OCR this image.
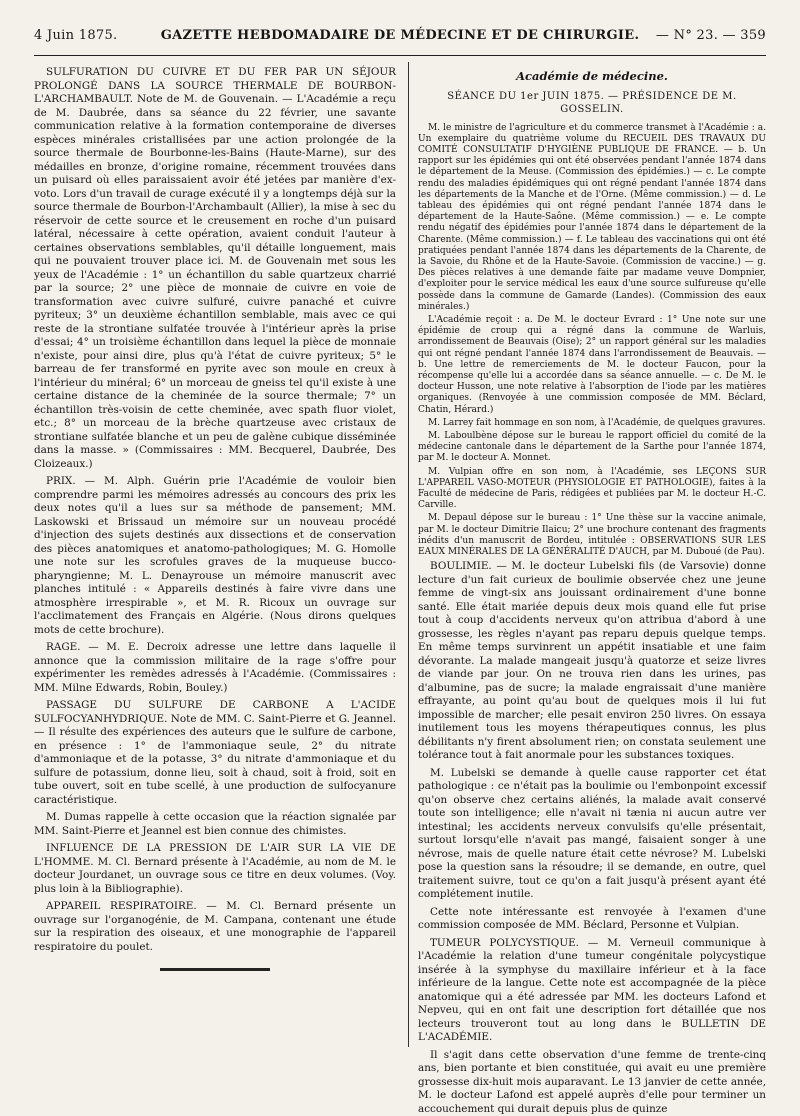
4 Juin 1875.	GAZETTE HEBDOMADAIRE DE MÉDECINE ET DE CHIRURGIE.	— N° 23. — 359

SULFURATION DU CUIVRE ET DU FER PAR UN SÉJOUR PROLONGÉ DANS LA SOURCE THERMALE DE BOURBON-L'ARCHAMBAULT. Note de M. de Gouvenain. — L'Académie a reçu de M. Daubrée, dans sa séance du 22 février, une savante communication relative à la formation contemporaine de diverses espèces minérales cristallisées par une action prolongée de la source thermale de Bourbonne-les-Bains (Haute-Marne), sur des médailles en bronze, d'origine romaine, récemment trouvées dans un puisard où elles paraissaient avoir été jetées par manière d'ex-voto. Lors d'un travail de curage exécuté il y a longtemps déjà sur la source thermale de Bourbon-l'Archambault (Allier), la mise à sec du réservoir de cette source et le creusement en roche d'un puisard latéral, nécessaire à cette opération, avaient conduit l'auteur à certaines observations semblables, qu'il détaille longuement, mais qui ne pouvaient trouver place ici. M. de Gouvenain met sous les yeux de l'Académie : 1° un échantillon du sable quartzeux charrié par la source; 2° une pièce de monnaie de cuivre en voie de transformation avec cuivre sulfuré, cuivre panaché et cuivre pyriteux; 3° un deuxième échantillon semblable, mais avec ce qui reste de la strontiane sulfatée trouvée à l'intérieur après la prise d'essai; 4° un troisième échantillon dans lequel la pièce de monnaie n'existe, pour ainsi dire, plus qu'à l'état de cuivre pyriteux; 5° le barreau de fer transformé en pyrite avec son moule en creux à l'intérieur du minéral; 6° un morceau de gneiss tel qu'il existe à une certaine distance de la cheminée de la source thermale; 7° un échantillon très-voisin de cette cheminée, avec spath fluor violet, etc.; 8° un morceau de la brèche quartzeuse avec cristaux de strontiane sulfatée blanche et un peu de galène cubique disséminée dans la masse. » (Commissaires : MM. Becquerel, Daubrée, Des Cloizeaux.)

PRIX. — M. Alph. Guérin prie l'Académie de vouloir bien comprendre parmi les mémoires adressés au concours des prix les deux notes qu'il a lues sur sa méthode de pansement; MM. Laskowski et Brissaud un mémoire sur un nouveau procédé d'injection des sujets destinés aux dissections et de conservation des pièces anatomiques et anatomo-pathologiques; M. G. Homolle une note sur les scrofules graves de la muqueuse bucco-pharyngienne; M. L. Denayrouse un mémoire manuscrit avec planches intitulé : « Appareils destinés à faire vivre dans une atmosphère irrespirable », et M. R. Ricoux un ouvrage sur l'acclimatement des Français en Algérie. (Nous dirons quelques mots de cette brochure).

RAGE. — M. E. Decroix adresse une lettre dans laquelle il annonce que la commission militaire de la rage s'offre pour expérimenter les remèdes adressés à l'Académie. (Commissaires : MM. Milne Edwards, Robin, Bouley.)

PASSAGE DU SULFURE DE CARBONE A L'ACIDE SULFOCYANHYDRIQUE. Note de MM. C. Saint-Pierre et G. Jeannel. — Il résulte des expériences des auteurs que le sulfure de carbone, en présence : 1° de l'ammoniaque seule, 2° du nitrate d'ammoniaque et de la potasse, 3° du nitrate d'ammoniaque et du sulfure de potassium, donne lieu, soit à chaud, soit à froid, soit en tube ouvert, soit en tube scellé, à une production de sulfocyanure caractéristique.

M. Dumas rappelle à cette occasion que la réaction signalée par MM. Saint-Pierre et Jeannel est bien connue des chimistes.

INFLUENCE DE LA PRESSION DE L'AIR SUR LA VIE DE L'HOMME. M. Cl. Bernard présente à l'Académie, au nom de M. le docteur Jourdanet, un ouvrage sous ce titre en deux volumes. (Voy. plus loin à la Bibliographie).

APPAREIL RESPIRATOIRE. — M. Cl. Bernard présente un ouvrage sur l'organogénie, de M. Campana, contenant une étude sur la respiration des oiseaux, et une monographie de l'appareil respiratoire du poulet.

Académie de médecine.
SÉANCE DU 1er JUIN 1875. — PRÉSIDENCE DE M. GOSSELIN.

M. le ministre de l'agriculture et du commerce transmet à l'Académie : a. Un exemplaire du quatrième volume du RECUEIL DES TRAVAUX DU COMITÉ CONSULTATIF D'HYGIÈNE PUBLIQUE DE FRANCE. — b. Un rapport sur les épidémies qui ont été observées pendant l'année 1874 dans le département de la Meuse. (Commission des épidémies.) — c. Le compte rendu des maladies épidémiques qui ont régné pendant l'année 1874 dans les départements de la Manche et de l'Orne. (Même commission.) — d. Le tableau des épidémies qui ont régné pendant l'année 1874 dans le département de la Haute-Saône. (Même commission.) — e. Le compte rendu négatif des épidémies pour l'année 1874 dans le département de la Charente. (Même commission.) — f. Le tableau des vaccinations qui ont été pratiquées pendant l'année 1874 dans les départements de la Charente, de la Savoie, du Rhône et de la Haute-Savoie. (Commission de vaccine.) — g. Des pièces relatives à une demande faite par madame veuve Dompnier, d'exploiter pour le service médical les eaux d'une source sulfureuse qu'elle possède dans la commune de Gamarde (Landes). (Commission des eaux minérales.)

L'Académie reçoit : a. De M. le docteur Evrard : 1° Une note sur une épidémie de croup qui a régné dans la commune de Warluis, arrondissement de Beauvais (Oise); 2° un rapport général sur les maladies qui ont régné pendant l'année 1874 dans l'arrondissement de Beauvais. — b. Une lettre de remerciements de M. le docteur Faucon, pour la récompense qu'elle lui a accordée dans sa séance annuelle. — c. De M. le docteur Husson, une note relative à l'absorption de l'iode par les matières organiques. (Renvoyée à une commission composée de MM. Béclard, Chatin, Hérard.)

M. Larrey fait hommage en son nom, à l'Académie, de quelques gravures.

M. Laboulbène dépose sur le bureau le rapport officiel du comité de la médecine cantonale dans le département de la Sarthe pour l'année 1874, par M. le docteur A. Monnet.

M. Vulpian offre en son nom, à l'Académie, ses LEÇONS SUR L'APPAREIL VASO-MOTEUR (PHYSIOLOGIE ET PATHOLOGIE), faites à la Faculté de médecine de Paris, rédigées et publiées par M. le docteur H.-C. Carville.

M. Depaul dépose sur le bureau : 1° Une thèse sur la vaccine animale, par M. le docteur Dimitrie Ilaicu; 2° une brochure contenant des fragments inédits d'un manuscrit de Bordeu, intitulée : OBSERVATIONS SUR LES EAUX MINÉRALES DE LA GÉNÉRALITÉ D'AUCH, par M. Duboué (de Pau).

BOULIMIE. — M. le docteur Lubelski fils (de Varsovie) donne lecture d'un fait curieux de boulimie observée chez une jeune femme de vingt-six ans jouissant ordinairement d'une bonne santé. Elle était mariée depuis deux mois quand elle fut prise tout à coup d'accidents nerveux qu'on attribua d'abord à une grossesse, les règles n'ayant pas reparu depuis quelque temps. En même temps survinrent un appétit insatiable et une faim dévorante. La malade mangeait jusqu'à quatorze et seize livres de viande par jour. On ne trouva rien dans les urines, pas d'albumine, pas de sucre; la malade engraissait d'une manière effrayante, au point qu'au bout de quelques mois il lui fut impossible de marcher; elle pesait environ 250 livres. On essaya inutilement tous les moyens thérapeutiques connus, les plus débilitants n'y firent absolument rien; on constata seulement une tolérance tout à fait anormale pour les substances toxiques.

M. Lubelski se demande à quelle cause rapporter cet état pathologique : ce n'était pas la boulimie ou l'embonpoint excessif qu'on observe chez certains aliénés, la malade avait conservé toute son intelligence; elle n'avait ni tænia ni aucun autre ver intestinal; les accidents nerveux convulsifs qu'elle présentait, surtout lorsqu'elle n'avait pas mangé, faisaient songer à une névrose, mais de quelle nature était cette névrose? M. Lubelski pose la question sans la résoudre; il se demande, en outre, quel traitement suivre, tout ce qu'on a fait jusqu'à présent ayant été complétement inutile.

Cette note intéressante est renvoyée à l'examen d'une commission composée de MM. Béclard, Personne et Vulpian.

TUMEUR POLYCYSTIQUE. — M. Verneuil communique à l'Académie la relation d'une tumeur congénitale polycystique insérée à la symphyse du maxillaire inférieur et à la face inférieure de la langue. Cette note est accompagnée de la pièce anatomique qui a été adressée par MM. les docteurs Lafond et Nepveu, qui en ont fait une description fort détaillée que nos lecteurs trouveront tout au long dans le BULLETIN DE L'ACADÉMIE.

Il s'agit dans cette observation d'une femme de trente-cinq ans, bien portante et bien constituée, qui avait eu une première grossesse dix-huit mois auparavant. Le 13 janvier de cette année, M. le docteur Lafond est appelé auprès d'elle pour terminer un accouchement qui durait depuis plus de quinze
